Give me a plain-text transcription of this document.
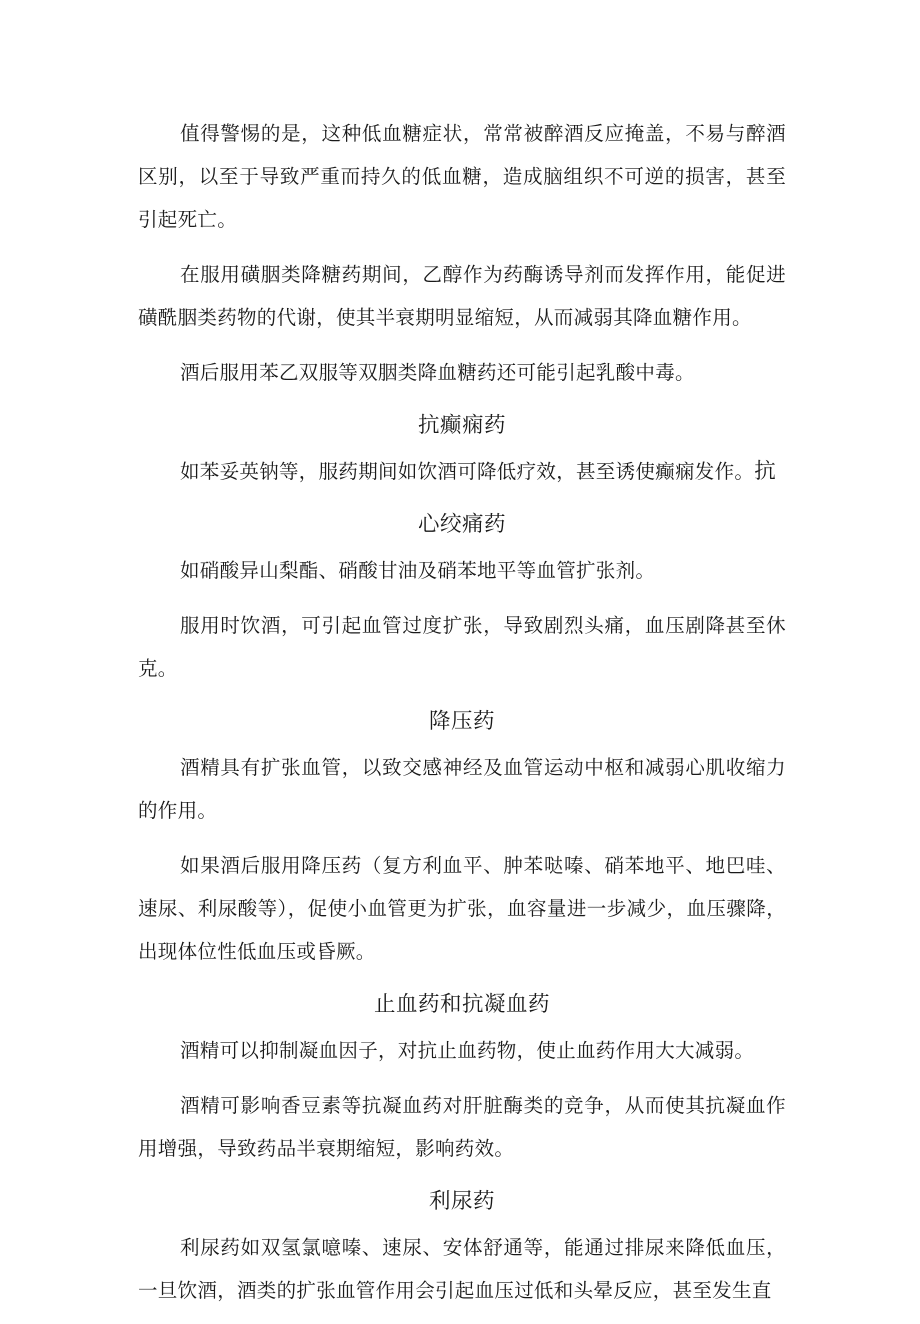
值得警惕的是，这种低血糖症状，常常被醉酒反应掩盖，不易与醉酒区别，以至于导致严重而持久的低血糖，造成脑组织不可逆的损害，甚至引起死亡。

在服用磺胭类降糖药期间，乙醇作为药酶诱导剂而发挥作用，能促进磺酰胭类药物的代谢，使其半衰期明显缩短，从而减弱其降血糖作用。

酒后服用苯乙双服等双胭类降血糖药还可能引起乳酸中毒。

抗癫痫药

如苯妥英钠等，服药期间如饮酒可降低疗效，甚至诱使癫痫发作。抗

心绞痛药

如硝酸异山梨酯、硝酸甘油及硝苯地平等血管扩张剂。

服用时饮酒，可引起血管过度扩张，导致剧烈头痛，血压剧降甚至休克。

降压药

酒精具有扩张血管，以致交感神经及血管运动中枢和减弱心肌收缩力的作用。

如果酒后服用降压药（复方利血平、肿苯哒嗪、硝苯地平、地巴哇、速尿、利尿酸等），促使小血管更为扩张，血容量进一步减少，血压骤降，出现体位性低血压或昏厥。

止血药和抗凝血药

酒精可以抑制凝血因子，对抗止血药物，使止血药作用大大减弱。

酒精可影响香豆素等抗凝血药对肝脏酶类的竞争，从而使其抗凝血作用增强，导致药品半衰期缩短，影响药效。

利尿药

利尿药如双氢氯噫嗪、速尿、安体舒通等，能通过排尿来降低血压，一旦饮酒，酒类的扩张血管作用会引起血压过低和头晕反应，甚至发生直
